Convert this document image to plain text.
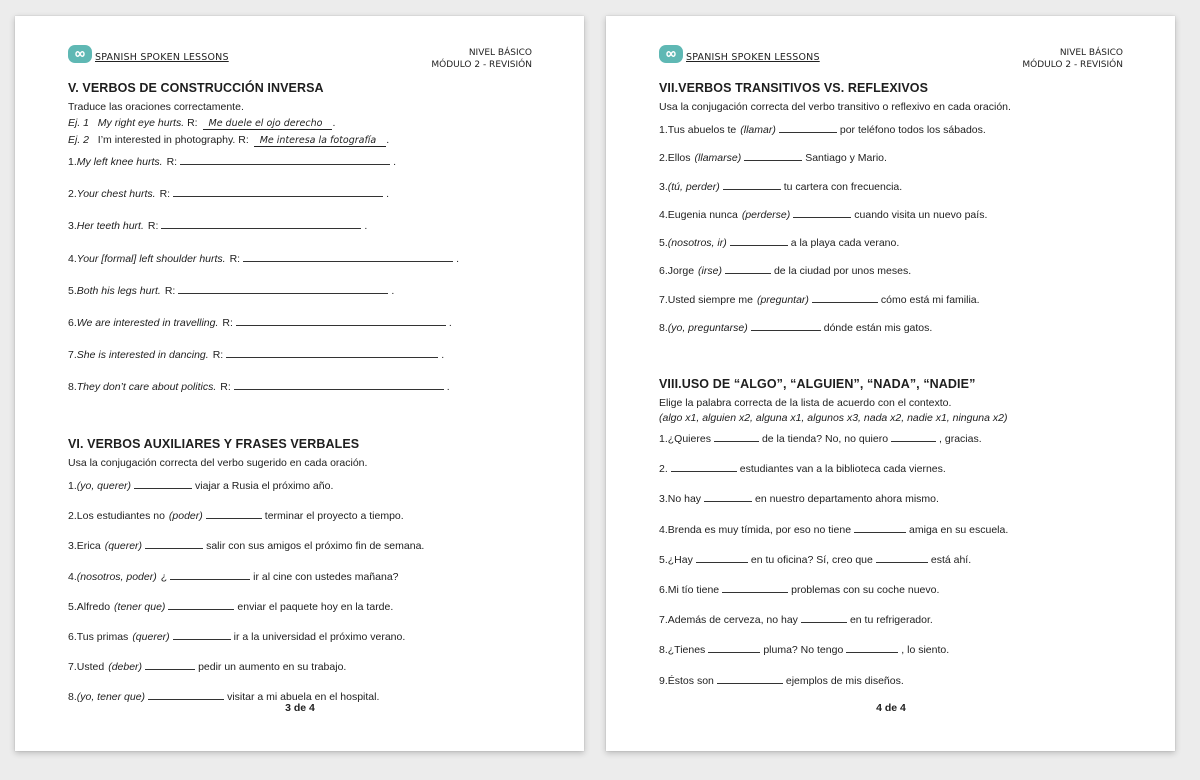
SPANISH SPOKEN LESSONS	NIVEL BÁSICO
MÓDULO 2 - REVISIÓN
V. VERBOS DE CONSTRUCCIÓN INVERSA
Traduce las oraciones correctamente.
Ej. 1 My right eye hurts. R: Me duele el ojo derecho .
Ej. 2 I’m interested in photography. R: Me interesa la fotografía .
1. My left knee hurts. R:	.
2. Your chest hurts. R:	.
3. Her teeth hurt. R:	.
4. Your [formal] left shoulder hurts. R:	.
5. Both his legs hurt. R:	.
6. We are interested in travelling. R:	.
7. She is interested in dancing. R:	.
8. They don’t care about politics. R:	.
VI. VERBOS AUXILIARES Y FRASES VERBALES
Usa la conjugación correcta del verbo sugerido en cada oración.
1. (yo, querer)	viajar a Rusia el próximo año.
2. Los estudiantes no (poder)	terminar el proyecto a tiempo.
3. Erica (querer)	salir con sus amigos el próximo fin de semana.
4. (nosotros, poder) ¿	ir al cine con ustedes mañana?
5. Alfredo (tener que)	enviar el paquete hoy en la tarde.
6. Tus primas (querer)	ir a la universidad el próximo verano.
7. Usted (deber)	pedir un aumento en su trabajo.
8. (yo, tener que)	visitar a mi abuela en el hospital.
3 de 4
SPANISH SPOKEN LESSONS	NIVEL BÁSICO
MÓDULO 2 - REVISIÓN
VII.VERBOS TRANSITIVOS VS. REFLEXIVOS
Usa la conjugación correcta del verbo transitivo o reflexivo en cada oración.
1. Tus abuelos te (llamar)	por teléfono todos los sábados.
2. Ellos (llamarse)	Santiago y Mario.
3. (tú, perder)	tu cartera con frecuencia.
4. Eugenia nunca (perderse)	cuando visita un nuevo país.
5. (nosotros, ir)	a la playa cada verano.
6. Jorge (irse)	de la ciudad por unos meses.
7. Usted siempre me (preguntar)	cómo está mi familia.
8. (yo, preguntarse)	dónde están mis gatos.
VIII.USO DE “ALGO”, “ALGUIEN”, “NADA”, “NADIE”
Elige la palabra correcta de la lista de acuerdo con el contexto.
(algo x1, alguien x2, alguna x1, algunos x3, nada x2, nadie x1, ninguna x2)
1. ¿Quieres	de la tienda? No, no quiero	, gracias.
2.	estudiantes van a la biblioteca cada viernes.
3. No hay	en nuestro departamento ahora mismo.
4. Brenda es muy tímida, por eso no tiene	amiga en su escuela.
5. ¿Hay	en tu oficina? Sí, creo que	está ahí.
6. Mi tío tiene	problemas con su coche nuevo.
7. Además de cerveza, no hay	en tu refrigerador.
8. ¿Tienes	pluma? No tengo	, lo siento.
9. Éstos son	ejemplos de mis diseños.
4 de 4
